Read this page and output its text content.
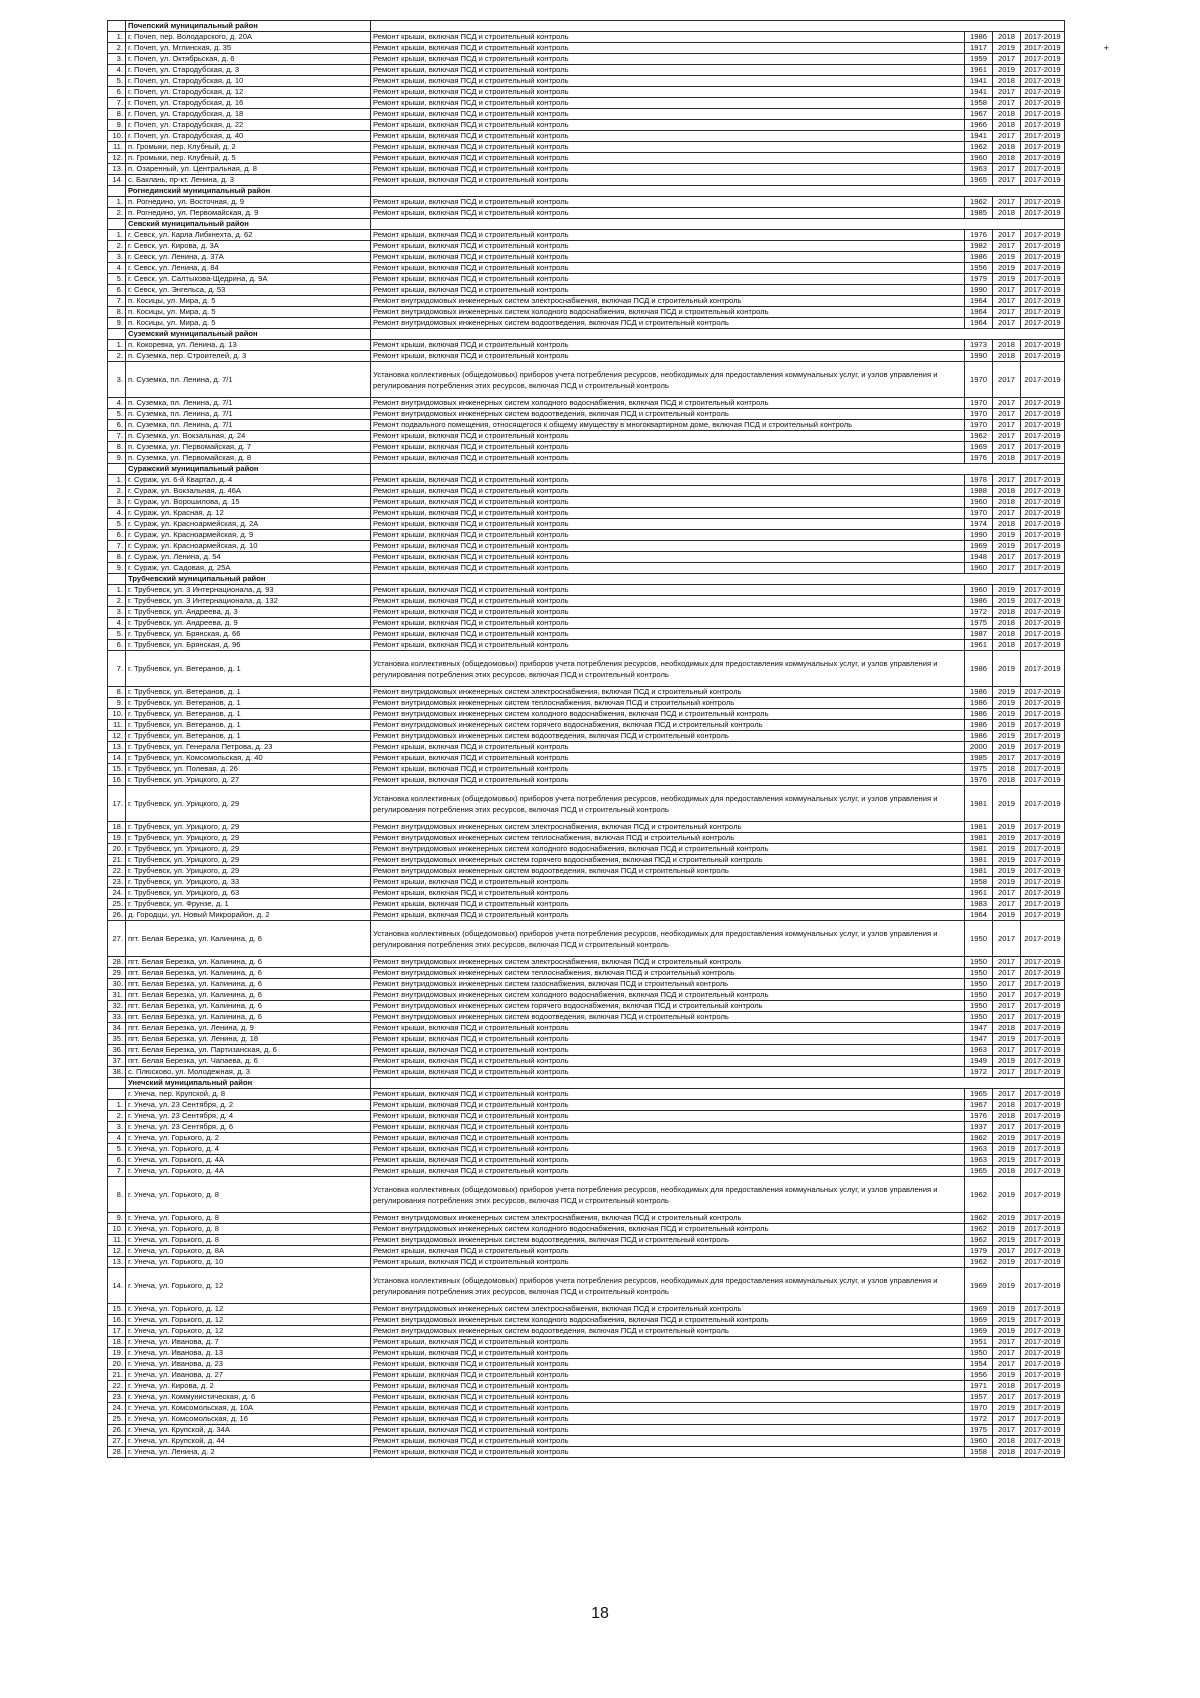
	Почепский муниципальный район					
1.	г. Почеп, пер. Володарского, д. 20А	Ремонт крыши, включая ПСД и строительный контроль	1986	2018	2017-2019	
2.	г. Почеп, ул. Мглинская, д. 35	Ремонт крыши, включая ПСД и строительный контроль	1917	2019	2017-2019	+
3.	г. Почеп, ул. Октябрьская, д. 6	Ремонт крыши, включая ПСД и строительный контроль	1959	2017	2017-2019	
4.	г. Почеп, ул. Стародубская, д. 3	Ремонт крыши, включая ПСД и строительный контроль	1961	2019	2017-2019	
5.	г. Почеп, ул. Стародубская, д. 10	Ремонт крыши, включая ПСД и строительный контроль	1941	2018	2017-2019	
6.	г. Почеп, ул. Стародубская, д. 12	Ремонт крыши, включая ПСД и строительный контроль	1941	2017	2017-2019	
7.	г. Почеп, ул. Стародубская, д. 16	Ремонт крыши, включая ПСД и строительный контроль	1958	2017	2017-2019	
8.	г. Почеп, ул. Стародубская, д. 18	Ремонт крыши, включая ПСД и строительный контроль	1967	2018	2017-2019	
9.	г. Почеп, ул. Стародубская, д. 22	Ремонт крыши, включая ПСД и строительный контроль	1966	2018	2017-2019	
10.	г. Почеп, ул. Стародубская, д. 40	Ремонт крыши, включая ПСД и строительный контроль	1941	2017	2017-2019	
11.	п. Громыки, пер. Клубный, д. 2	Ремонт крыши, включая ПСД и строительный контроль	1962	2018	2017-2019	
12.	п. Громыки, пер. Клубный, д. 5	Ремонт крыши, включая ПСД и строительный контроль	1960	2018	2017-2019	
13.	п. Озаренный, ул. Центральная, д. 8	Ремонт крыши, включая ПСД и строительный контроль	1963	2017	2017-2019	
14.	с. Баклань, пр-кт. Ленина, д. 3	Ремонт крыши, включая ПСД и строительный контроль	1965	2017	2017-2019	
	Рогнединский муниципальный район					
1.	п. Рогнедино, ул. Восточная, д. 9	Ремонт крыши, включая ПСД и строительный контроль	1962	2017	2017-2019	
2.	п. Рогнедино, ул. Первомайская, д. 9	Ремонт крыши, включая ПСД и строительный контроль	1985	2018	2017-2019	
	Севский муниципальный район					
1.	г. Севск, ул. Карла Либкнехта, д. 62	Ремонт крыши, включая ПСД и строительный контроль	1976	2017	2017-2019	
2.	г. Севск, ул. Кирова, д. 3А	Ремонт крыши, включая ПСД и строительный контроль	1982	2017	2017-2019	
3.	г. Севск, ул. Ленина, д. 37А	Ремонт крыши, включая ПСД и строительный контроль	1986	2019	2017-2019	
4.	г. Севск, ул. Ленина, д. 84	Ремонт крыши, включая ПСД и строительный контроль	1956	2019	2017-2019	
5.	г. Севск, ул. Салтыкова-Щедрина, д. 9А	Ремонт крыши, включая ПСД и строительный контроль	1979	2019	2017-2019	
6.	г. Севск, ул. Энгельса, д. 53	Ремонт крыши, включая ПСД и строительный контроль	1990	2017	2017-2019	
7.	п. Косицы, ул. Мира, д. 5	Ремонт внутридомовых инженерных систем электроснабжения, включая ПСД и строительный контроль	1964	2017	2017-2019	
8.	п. Косицы, ул. Мира, д. 5	Ремонт внутридомовых инженерных систем холодного водоснабжения, включая ПСД и строительный контроль	1964	2017	2017-2019	
9.	п. Косицы, ул. Мира, д. 5	Ремонт внутридомовых инженерных систем водоотведения, включая ПСД и строительный контроль	1964	2017	2017-2019	
	Суземский муниципальный район					
1.	п. Кокоревка, ул. Ленина, д. 13	Ремонт крыши, включая ПСД и строительный контроль	1973	2018	2017-2019	
2.	п. Суземка, пер. Строителей, д. 3	Ремонт крыши, включая ПСД и строительный контроль	1990	2018	2017-2019	
3.	п. Суземка, пл. Ленина, д. 7/1	Установка коллективных (общедомовых) приборов учета потребления ресурсов, необходимых для предоставления коммунальных услуг, и узлов управления и регулирования потребления этих ресурсов, включая ПСД и строительный контроль	1970	2017	2017-2019	
4.	п. Суземка, пл. Ленина, д. 7/1	Ремонт внутридомовых инженерных систем холодного водоснабжения, включая ПСД и строительный контроль	1970	2017	2017-2019	
5.	п. Суземка, пл. Ленина, д. 7/1	Ремонт внутридомовых инженерных систем водоотведения, включая ПСД и строительный контроль	1970	2017	2017-2019	
6.	п. Суземка, пл. Ленина, д. 7/1	Ремонт подвального помещения, относящегося к общему имуществу в многоквартирном доме, включая ПСД и строительный контроль	1970	2017	2017-2019	
7.	п. Суземка, ул. Вокзальная, д. 24	Ремонт крыши, включая ПСД и строительный контроль	1962	2017	2017-2019	
8.	п. Суземка, ул. Первомайская, д. 7	Ремонт крыши, включая ПСД и строительный контроль	1969	2017	2017-2019	
9.	п. Суземка, ул. Первомайская, д. 8	Ремонт крыши, включая ПСД и строительный контроль	1976	2018	2017-2019	
	Суражский муниципальный район					
1.	г. Сураж, ул. 6-й Квартал, д. 4	Ремонт крыши, включая ПСД и строительный контроль	1978	2017	2017-2019	
2.	г. Сураж, ул. Вокзальная, д. 46А	Ремонт крыши, включая ПСД и строительный контроль	1988	2018	2017-2019	
3.	г. Сураж, ул. Ворошилова, д. 15	Ремонт крыши, включая ПСД и строительный контроль	1960	2018	2017-2019	
4.	г. Сураж, ул. Красная, д. 12	Ремонт крыши, включая ПСД и строительный контроль	1970	2017	2017-2019	
5.	г. Сураж, ул. Красноармейская, д. 2А	Ремонт крыши, включая ПСД и строительный контроль	1974	2018	2017-2019	
6.	г. Сураж, ул. Красноармейская, д. 9	Ремонт крыши, включая ПСД и строительный контроль	1990	2019	2017-2019	
7.	г. Сураж, ул. Красноармейская, д. 10	Ремонт крыши, включая ПСД и строительный контроль	1969	2019	2017-2019	
8.	г. Сураж, ул. Ленина, д. 54	Ремонт крыши, включая ПСД и строительный контроль	1948	2017	2017-2019	
9.	г. Сураж, ул. Садовая, д. 25А	Ремонт крыши, включая ПСД и строительный контроль	1960	2017	2017-2019	
	Трубчевский муниципальный район					
1.	г. Трубчевск, ул. 3 Интернационала, д. 93	Ремонт крыши, включая ПСД и строительный контроль	1960	2019	2017-2019	
2.	г. Трубчевск, ул. 3 Интернационала, д. 132	Ремонт крыши, включая ПСД и строительный контроль	1986	2019	2017-2019	
3.	г. Трубчевск, ул. Андреева, д. 3	Ремонт крыши, включая ПСД и строительный контроль	1972	2018	2017-2019	
4.	г. Трубчевск, ул. Андреева, д. 9	Ремонт крыши, включая ПСД и строительный контроль	1975	2018	2017-2019	
5.	г. Трубчевск, ул. Брянская, д. 66	Ремонт крыши, включая ПСД и строительный контроль	1987	2018	2017-2019	
6.	г. Трубчевск, ул. Брянская, д. 96	Ремонт крыши, включая ПСД и строительный контроль	1961	2018	2017-2019	
7.	г. Трубчевск, ул. Ветеранов, д. 1	Установка коллективных (общедомовых) приборов учета потребления ресурсов, необходимых для предоставления коммунальных услуг, и узлов управления и регулирования потребления этих ресурсов, включая ПСД и строительный контроль	1986	2019	2017-2019	
8.	г. Трубчевск, ул. Ветеранов, д. 1	Ремонт внутридомовых инженерных систем электроснабжения, включая ПСД и строительный контроль	1986	2019	2017-2019	
9.	г. Трубчевск, ул. Ветеранов, д. 1	Ремонт внутридомовых инженерных систем теплоснабжения, включая ПСД и строительный контроль	1986	2019	2017-2019	
10.	г. Трубчевск, ул. Ветеранов, д. 1	Ремонт внутридомовых инженерных систем холодного водоснабжения, включая ПСД и строительный контроль	1986	2019	2017-2019	
11.	г. Трубчевск, ул. Ветеранов, д. 1	Ремонт внутридомовых инженерных систем горячего водоснабжения, включая ПСД и строительный контроль	1986	2019	2017-2019	
12.	г. Трубчевск, ул. Ветеранов, д. 1	Ремонт внутридомовых инженерных систем водоотведения, включая ПСД и строительный контроль	1986	2019	2017-2019	
13.	г. Трубчевск, ул. Генерала Петрова, д. 23	Ремонт крыши, включая ПСД и строительный контроль	2000	2019	2017-2019	
14.	г. Трубчевск, ул. Комсомольская, д. 40	Ремонт крыши, включая ПСД и строительный контроль	1985	2017	2017-2019	
15.	г. Трубчевск, ул. Полевая, д. 26	Ремонт крыши, включая ПСД и строительный контроль	1975	2018	2017-2019	
16.	г. Трубчевск, ул. Урицкого, д. 27	Ремонт крыши, включая ПСД и строительный контроль	1976	2018	2017-2019	
17.	г. Трубчевск, ул. Урицкого, д. 29	Установка коллективных (общедомовых) приборов учета потребления ресурсов, необходимых для предоставления коммунальных услуг, и узлов управления и регулирования потребления этих ресурсов, включая ПСД и строительный контроль	1981	2019	2017-2019	
18.	г. Трубчевск, ул. Урицкого, д. 29	Ремонт внутридомовых инженерных систем электроснабжения, включая ПСД и строительный контроль	1981	2019	2017-2019	
19.	г. Трубчевск, ул. Урицкого, д. 29	Ремонт внутридомовых инженерных систем теплоснабжения, включая ПСД и строительный контроль	1981	2019	2017-2019	
20.	г. Трубчевск, ул. Урицкого, д. 29	Ремонт внутридомовых инженерных систем холодного водоснабжения, включая ПСД и строительный контроль	1981	2019	2017-2019	
21.	г. Трубчевск, ул. Урицкого, д. 29	Ремонт внутридомовых инженерных систем горячего водоснабжения, включая ПСД и строительный контроль	1981	2019	2017-2019	
22.	г. Трубчевск, ул. Урицкого, д. 29	Ремонт внутридомовых инженерных систем водоотведения, включая ПСД и строительный контроль	1981	2019	2017-2019	
23.	г. Трубчевск, ул. Урицкого, д. 33	Ремонт крыши, включая ПСД и строительный контроль	1958	2019	2017-2019	
24.	г. Трубчевск, ул. Урицкого, д. 63	Ремонт крыши, включая ПСД и строительный контроль	1961	2017	2017-2019	
25.	г. Трубчевск, ул. Фрунзе, д. 1	Ремонт крыши, включая ПСД и строительный контроль	1983	2017	2017-2019	
26.	д. Городцы, ул. Новый Микрорайон, д. 2	Ремонт крыши, включая ПСД и строительный контроль	1964	2019	2017-2019	
27.	пгт. Белая Березка, ул. Калинина, д. 6	Установка коллективных (общедомовых) приборов учета потребления ресурсов, необходимых для предоставления коммунальных услуг, и узлов управления и регулирования потребления этих ресурсов, включая ПСД и строительный контроль	1950	2017	2017-2019	
28.	пгт. Белая Березка, ул. Калинина, д. 6	Ремонт внутридомовых инженерных систем электроснабжения, включая ПСД и строительный контроль	1950	2017	2017-2019	
29.	пгт. Белая Березка, ул. Калинина, д. 6	Ремонт внутридомовых инженерных систем теплоснабжения, включая ПСД и строительный контроль	1950	2017	2017-2019	
30.	пгт. Белая Березка, ул. Калинина, д. 6	Ремонт внутридомовых инженерных систем газоснабжения, включая ПСД и строительный контроль	1950	2017	2017-2019	
31.	пгт. Белая Березка, ул. Калинина, д. 6	Ремонт внутридомовых инженерных систем холодного водоснабжения, включая ПСД и строительный контроль	1950	2017	2017-2019	
32.	пгт. Белая Березка, ул. Калинина, д. 6	Ремонт внутридомовых инженерных систем горячего водоснабжения, включая ПСД и строительный контроль	1950	2017	2017-2019	
33.	пгт. Белая Березка, ул. Калинина, д. 6	Ремонт внутридомовых инженерных систем водоотведения, включая ПСД и строительный контроль	1950	2017	2017-2019	
34.	пгт. Белая Березка, ул. Ленина, д. 9	Ремонт крыши, включая ПСД и строительный контроль	1947	2018	2017-2019	
35.	пгт. Белая Березка, ул. Ленина, д. 18	Ремонт крыши, включая ПСД и строительный контроль	1947	2019	2017-2019	
36.	пгт. Белая Березка, ул. Партизанская, д. 6	Ремонт крыши, включая ПСД и строительный контроль	1963	2017	2017-2019	
37.	пгт. Белая Березка, ул. Чапаева, д. 6	Ремонт крыши, включая ПСД и строительный контроль	1949	2019	2017-2019	
38.	с. Плюсково, ул. Молодежная, д. 3	Ремонт крыши, включая ПСД и строительный контроль	1972	2017	2017-2019	
	Унечский муниципальный район					
	г. Унеча, пер. Крупской, д. 8	Ремонт крыши, включая ПСД и строительный контроль	1965	2017	2017-2019	
1.	г. Унеча, ул. 23 Сентября, д. 2	Ремонт крыши, включая ПСД и строительный контроль	1967	2018	2017-2019	
2.	г. Унеча, ул. 23 Сентября, д. 4	Ремонт крыши, включая ПСД и строительный контроль	1976	2018	2017-2019	
3.	г. Унеча, ул. 23 Сентября, д. 6	Ремонт крыши, включая ПСД и строительный контроль	1937	2017	2017-2019	
4.	г. Унеча, ул. Горького, д. 2	Ремонт крыши, включая ПСД и строительный контроль	1962	2019	2017-2019	
5.	г. Унеча, ул. Горького, д. 4	Ремонт крыши, включая ПСД и строительный контроль	1963	2019	2017-2019	
6.	г. Унеча, ул. Горького, д. 4А	Ремонт крыши, включая ПСД и строительный контроль	1963	2019	2017-2019	
7.	г. Унеча, ул. Горького, д. 4А	Ремонт крыши, включая ПСД и строительный контроль	1965	2018	2017-2019	
8.	г. Унеча, ул. Горького, д. 8	Установка коллективных (общедомовых) приборов учета потребления ресурсов, необходимых для предоставления коммунальных услуг, и узлов управления и регулирования потребления этих ресурсов, включая ПСД и строительный контроль	1962	2019	2017-2019	
9.	г. Унеча, ул. Горького, д. 8	Ремонт внутридомовых инженерных систем электроснабжения, включая ПСД и строительный контроль	1962	2019	2017-2019	
10.	г. Унеча, ул. Горького, д. 8	Ремонт внутридомовых инженерных систем холодного водоснабжения, включая ПСД и строительный контроль	1962	2019	2017-2019	
11.	г. Унеча, ул. Горького, д. 8	Ремонт внутридомовых инженерных систем водоотведения, включая ПСД и строительный контроль	1962	2019	2017-2019	
12.	г. Унеча, ул. Горького, д. 8А	Ремонт крыши, включая ПСД и строительный контроль	1979	2017	2017-2019	
13.	г. Унеча, ул. Горького, д. 10	Ремонт крыши, включая ПСД и строительный контроль	1962	2019	2017-2019	
14.	г. Унеча, ул. Горького, д. 12	Установка коллективных (общедомовых) приборов учета потребления ресурсов, необходимых для предоставления коммунальных услуг, и узлов управления и регулирования потребления этих ресурсов, включая ПСД и строительный контроль	1969	2019	2017-2019	
15.	г. Унеча, ул. Горького, д. 12	Ремонт внутридомовых инженерных систем электроснабжения, включая ПСД и строительный контроль	1969	2019	2017-2019	
16.	г. Унеча, ул. Горького, д. 12	Ремонт внутридомовых инженерных систем холодного водоснабжения, включая ПСД и строительный контроль	1969	2019	2017-2019	
17.	г. Унеча, ул. Горького, д. 12	Ремонт внутридомовых инженерных систем водоотведения, включая ПСД и строительный контроль	1969	2019	2017-2019	
18.	г. Унеча, ул. Иванова, д. 7	Ремонт крыши, включая ПСД и строительный контроль	1951	2017	2017-2019	
19.	г. Унеча, ул. Иванова, д. 13	Ремонт крыши, включая ПСД и строительный контроль	1950	2017	2017-2019	
20.	г. Унеча, ул. Иванова, д. 23	Ремонт крыши, включая ПСД и строительный контроль	1954	2017	2017-2019	
21.	г. Унеча, ул. Иванова, д. 27	Ремонт крыши, включая ПСД и строительный контроль	1956	2019	2017-2019	
22.	г. Унеча, ул. Кирова, д. 2	Ремонт крыши, включая ПСД и строительный контроль	1971	2018	2017-2019	
23.	г. Унеча, ул. Коммунистическая, д. 6	Ремонт крыши, включая ПСД и строительный контроль	1957	2017	2017-2019	
24.	г. Унеча, ул. Комсомольская, д. 10А	Ремонт крыши, включая ПСД и строительный контроль	1970	2019	2017-2019	
25.	г. Унеча, ул. Комсомольская, д. 16	Ремонт крыши, включая ПСД и строительный контроль	1972	2017	2017-2019	
26.	г. Унеча, ул. Крупской, д. 34А	Ремонт крыши, включая ПСД и строительный контроль	1975	2017	2017-2019	
27.	г. Унеча, ул. Крупской, д. 44	Ремонт крыши, включая ПСД и строительный контроль	1960	2018	2017-2019	
28.	г. Унеча, ул. Ленина, д. 2	Ремонт крыши, включая ПСД и строительный контроль	1958	2018	2017-2019	
18
